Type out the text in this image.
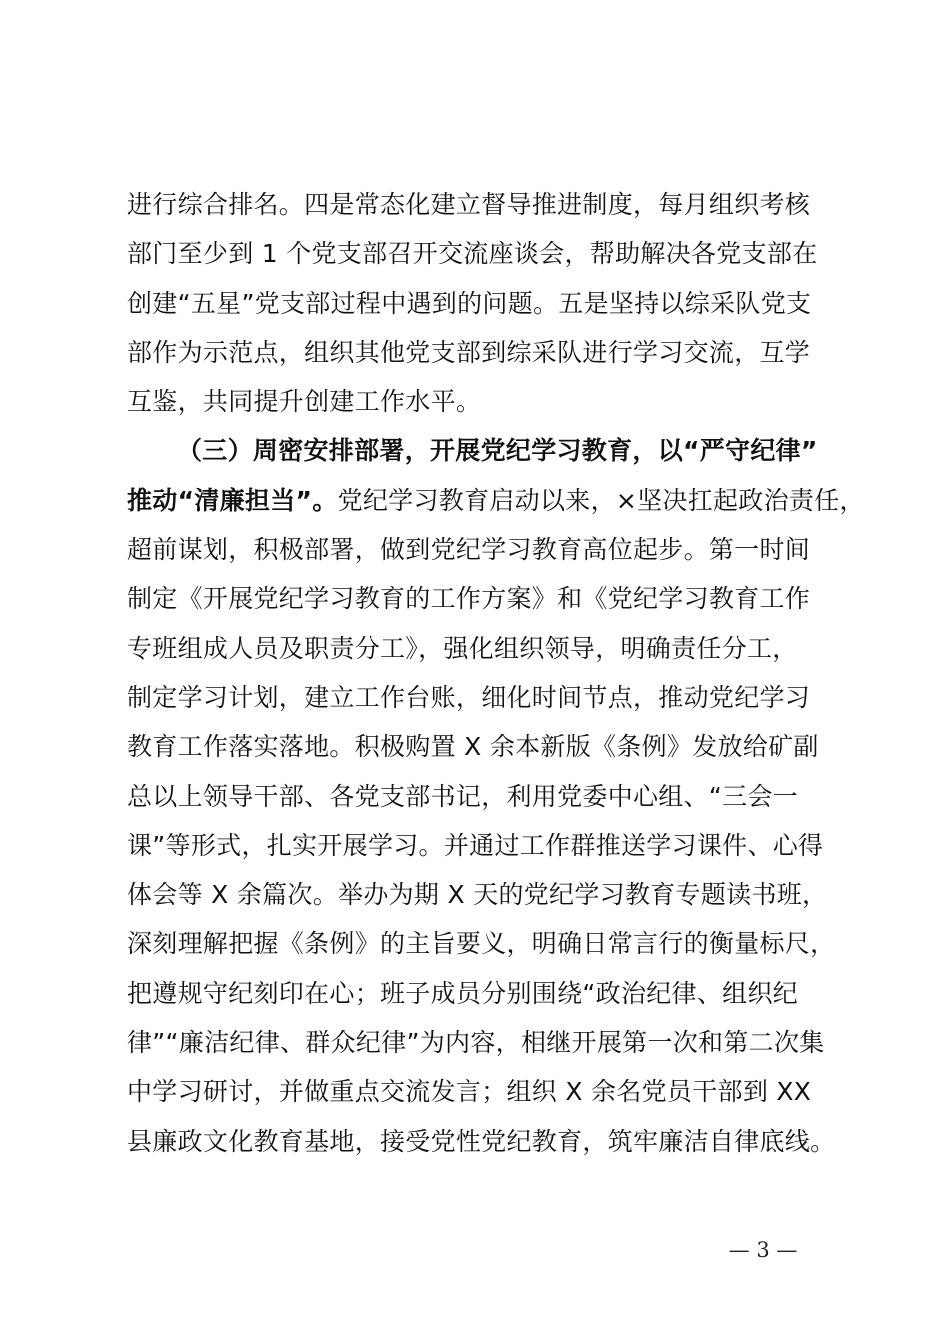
进行综合排名。四是常态化建立督导推进制度，每月组织考核
部门至少到 1 个党支部召开交流座谈会，帮助解决各党支部在
创建“五星”党支部过程中遇到的问题。五是坚持以综采队党支
部作为示范点，组织其他党支部到综采队进行学习交流，互学
互鉴，共同提升创建工作水平。
（三）周密安排部署，开展党纪学习教育，以“严守纪律”
推动“清廉担当”。党纪学习教育启动以来，×坚决扛起政治责任，
超前谋划，积极部署，做到党纪学习教育高位起步。第一时间
制定《开展党纪学习教育的工作方案》和《党纪学习教育工作
专班组成人员及职责分工》，强化组织领导，明确责任分工，
制定学习计划，建立工作台账，细化时间节点，推动党纪学习
教育工作落实落地。积极购置 X 余本新版《条例》发放给矿副
总以上领导干部、各党支部书记，利用党委中心组、“三会一
课”等形式，扎实开展学习。并通过工作群推送学习课件、心得
体会等 X 余篇次。举办为期 X 天的党纪学习教育专题读书班，
深刻理解把握《条例》的主旨要义，明确日常言行的衡量标尺，
把遵规守纪刻印在心；班子成员分别围绕“政治纪律、组织纪
律”“廉洁纪律、群众纪律”为内容，相继开展第一次和第二次集
中学习研讨，并做重点交流发言；组织 X 余名党员干部到 XX
县廉政文化教育基地，接受党性党纪教育，筑牢廉洁自律底线。
— 3 —
